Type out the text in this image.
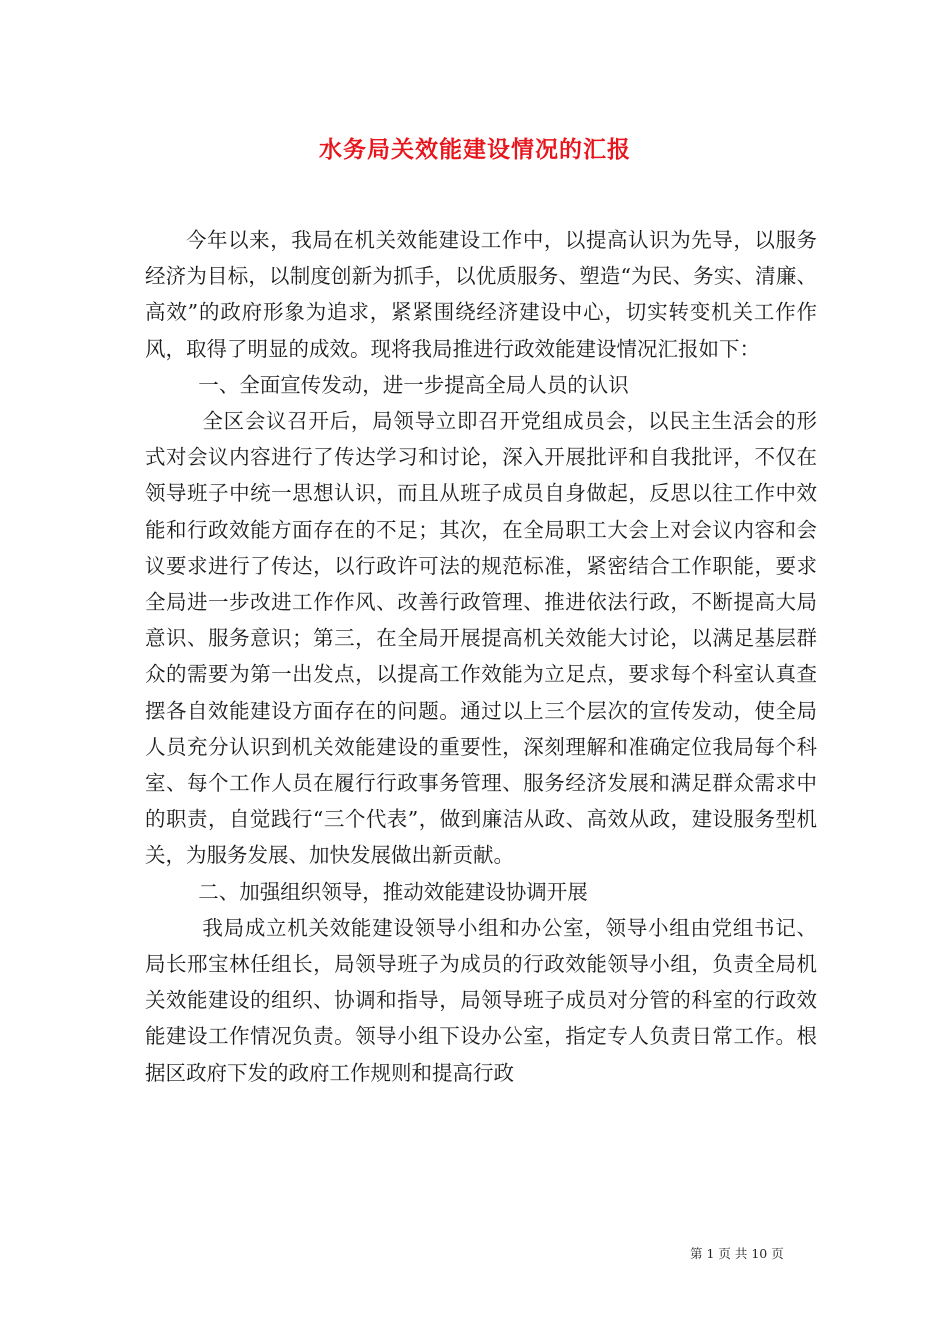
水务局关效能建设情况的汇报

今年以来，我局在机关效能建设工作中，以提高认识为先导，以服务经济为目标，以制度创新为抓手，以优质服务、塑造“为民、务实、清廉、高效”的政府形象为追求，紧紧围绕经济建设中心，切实转变机关工作作风，取得了明显的成效。现将我局推进行政效能建设情况汇报如下：

一、全面宣传发动，进一步提高全局人员的认识

全区会议召开后，局领导立即召开党组成员会，以民主生活会的形式对会议内容进行了传达学习和讨论，深入开展批评和自我批评，不仅在领导班子中统一思想认识，而且从班子成员自身做起，反思以往工作中效能和行政效能方面存在的不足；其次，在全局职工大会上对会议内容和会议要求进行了传达，以行政许可法的规范标准，紧密结合工作职能，要求全局进一步改进工作作风、改善行政管理、推进依法行政，不断提高大局意识、服务意识；第三，在全局开展提高机关效能大讨论，以满足基层群众的需要为第一出发点，以提高工作效能为立足点，要求每个科室认真查摆各自效能建设方面存在的问题。通过以上三个层次的宣传发动，使全局人员充分认识到机关效能建设的重要性，深刻理解和准确定位我局每个科室、每个工作人员在履行行政事务管理、服务经济发展和满足群众需求中的职责，自觉践行“三个代表”，做到廉洁从政、高效从政，建设服务型机关，为服务发展、加快发展做出新贡献。

二、加强组织领导，推动效能建设协调开展

我局成立机关效能建设领导小组和办公室，领导小组由党组书记、局长邢宝林任组长，局领导班子为成员的行政效能领导小组，负责全局机关效能建设的组织、协调和指导，局领导班子成员对分管的科室的行政效能建设工作情况负责。领导小组下设办公室，指定专人负责日常工作。根据区政府下发的政府工作规则和提高行政

第 1 页 共 10 页
